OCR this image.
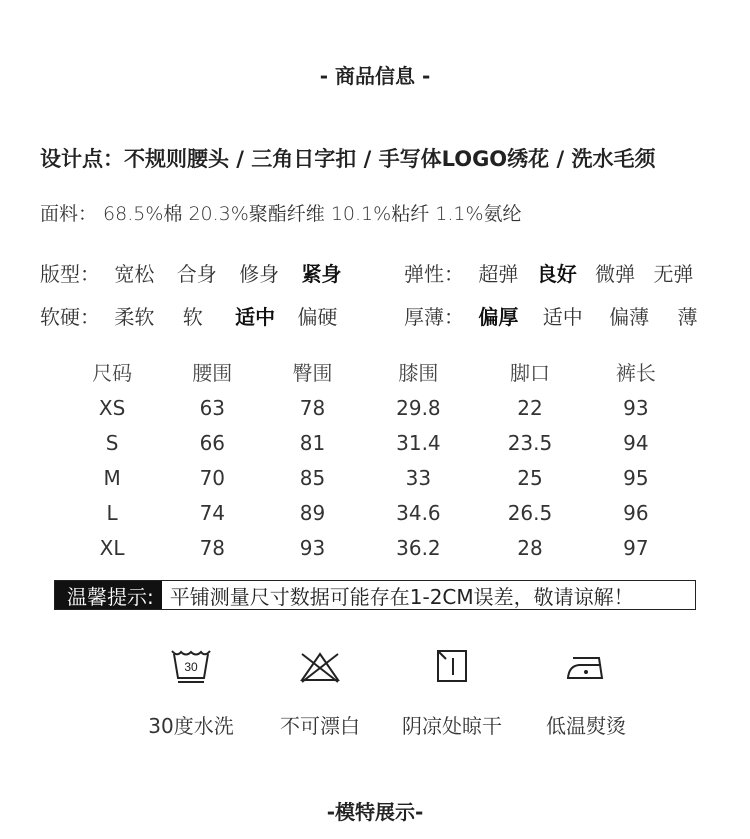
- 商品信息 -
设计点：不规则腰头 / 三角日字扣 / 手写体LOGO绣花 / 洗水毛须
面料： 68.5%棉 20.3%聚酯纤维 10.1%粘纤 1.1%氨纶
版型： 宽松 合身 修身 紧身	弹性： 超弹 良好 微弹 无弹
软硬： 柔软 软 适中 偏硬	厚薄： 偏厚 适中 偏薄 薄
尺码	腰围	臀围	膝围	脚口	裤长
XS	63	78	29.8	22	93
S	66	81	31.4	23.5	94
M	70	85	33	25	95
L	74	89	34.6	26.5	96
XL	78	93	36.2	28	97
温馨提示: 平铺测量尺寸数据可能存在1-2CM误差，敬请谅解！
30
30度水洗	不可漂白	阴凉处晾干	低温熨烫
-模特展示-
